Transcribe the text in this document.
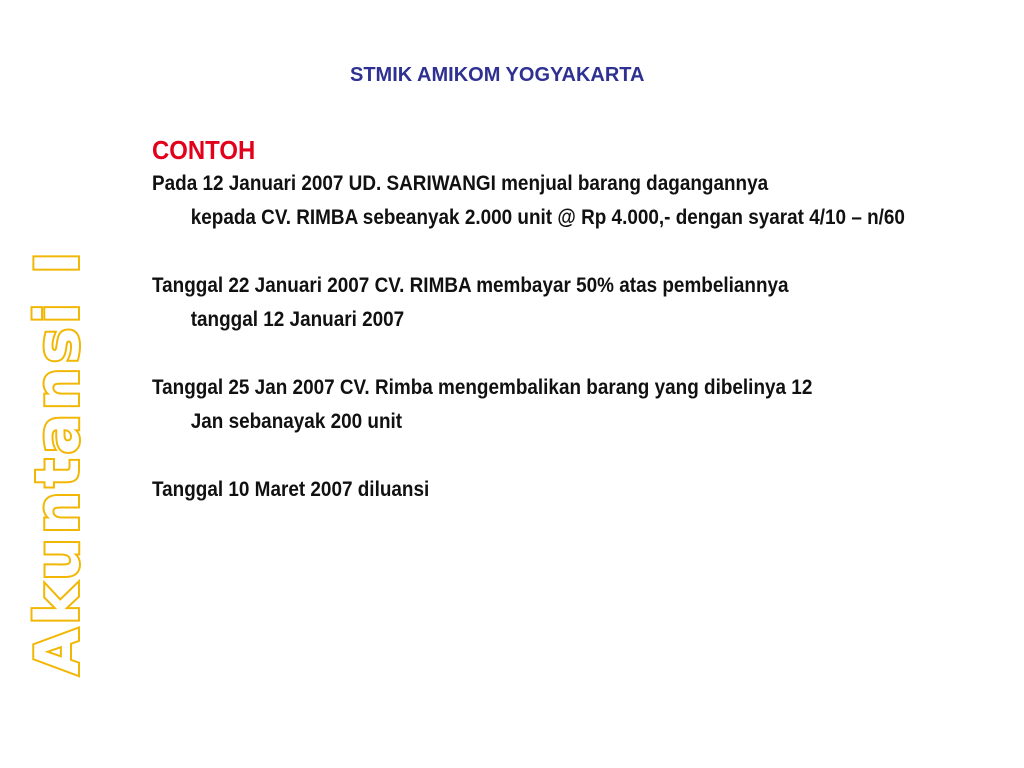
Akuntansi I
STMIK AMIKOM YOGYAKARTA
CONTOH
Pada 12 Januari 2007 UD. SARIWANGI menjual barang dagangannya
kepada CV. RIMBA sebeanyak 2.000 unit @ Rp 4.000,- dengan syarat 4/10 – n/60
Tanggal 22 Januari 2007 CV. RIMBA membayar 50% atas pembeliannya
tanggal 12 Januari 2007
Tanggal 25 Jan 2007 CV. Rimba mengembalikan barang yang dibelinya 12
Jan sebanayak 200 unit
Tanggal 10 Maret 2007 diluansi
